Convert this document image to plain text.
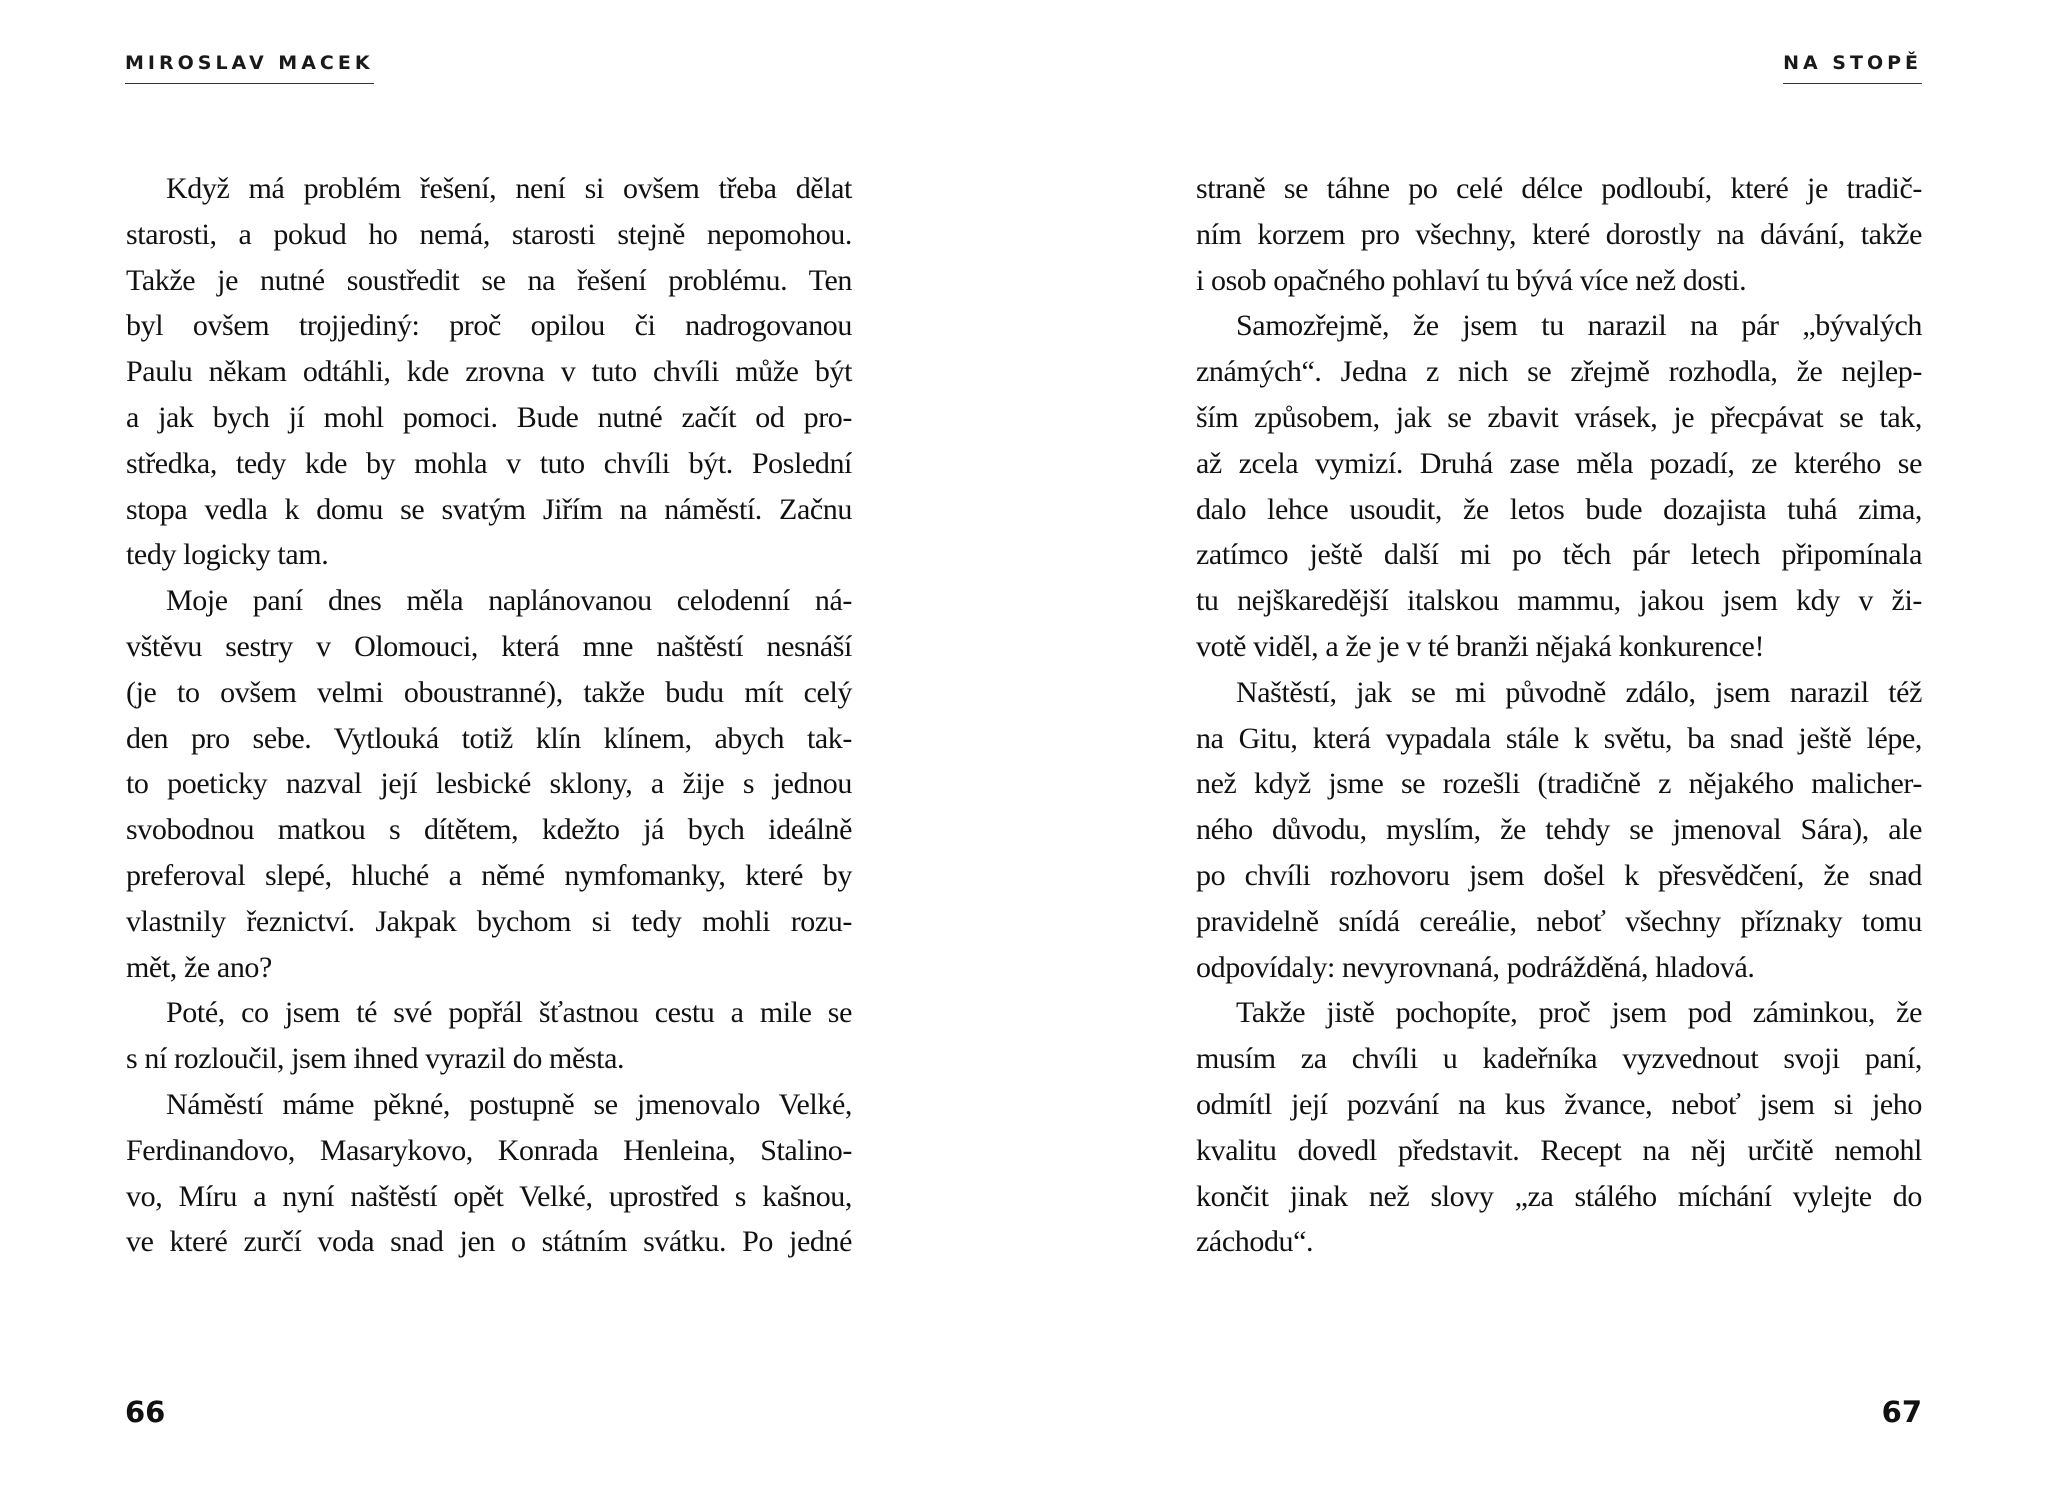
MIROSLAV MACEK	NA STOPĚ
Když má problém řešení, není si ovšem třeba dělat
starosti, a pokud ho nemá, starosti stejně nepomohou.
Takže je nutné soustředit se na řešení problému. Ten
byl ovšem trojjediný: proč opilou či nadrogovanou
Paulu někam odtáhli, kde zrovna v tuto chvíli může být
a jak bych jí mohl pomoci. Bude nutné začít od pro-
středka, tedy kde by mohla v tuto chvíli být. Poslední
stopa vedla k domu se svatým Jiřím na náměstí. Začnu
tedy logicky tam.
Moje paní dnes měla naplánovanou celodenní ná-
vštěvu sestry v Olomouci, která mne naštěstí nesnáší
(je to ovšem velmi oboustranné), takže budu mít celý
den pro sebe. Vytlouká totiž klín klínem, abych tak-
to poeticky nazval její lesbické sklony, a žije s jednou
svobodnou matkou s dítětem, kdežto já bych ideálně
preferoval slepé, hluché a němé nymfomanky, které by
vlastnily řeznictví. Jakpak bychom si tedy mohli rozu-
mět, že ano?
Poté, co jsem té své popřál šťastnou cestu a mile se
s ní rozloučil, jsem ihned vyrazil do města.
Náměstí máme pěkné, postupně se jmenovalo Velké,
Ferdinandovo, Masarykovo, Konrada Henleina, Stalino-
vo, Míru a nyní naštěstí opět Velké, uprostřed s kašnou,
ve které zurčí voda snad jen o státním svátku. Po jedné
straně se táhne po celé délce podloubí, které je tradič-
ním korzem pro všechny, které dorostly na dávání, takže
i osob opačného pohlaví tu bývá více než dosti.
Samozřejmě, že jsem tu narazil na pár „bývalých
známých“. Jedna z nich se zřejmě rozhodla, že nejlep-
ším způsobem, jak se zbavit vrásek, je přecpávat se tak,
až zcela vymizí. Druhá zase měla pozadí, ze kterého se
dalo lehce usoudit, že letos bude dozajista tuhá zima,
zatímco ještě další mi po těch pár letech připomínala
tu nejškaredější italskou mammu, jakou jsem kdy v ži-
votě viděl, a že je v té branži nějaká konkurence!
Naštěstí, jak se mi původně zdálo, jsem narazil též
na Gitu, která vypadala stále k světu, ba snad ještě lépe,
než když jsme se rozešli (tradičně z nějakého malicher-
ného důvodu, myslím, že tehdy se jmenoval Sára), ale
po chvíli rozhovoru jsem došel k přesvědčení, že snad
pravidelně snídá cereálie, neboť všechny příznaky tomu
odpovídaly: nevyrovnaná, podrážděná, hladová.
Takže jistě pochopíte, proč jsem pod záminkou, že
musím za chvíli u kadeřníka vyzvednout svoji paní,
odmítl její pozvání na kus žvance, neboť jsem si jeho
kvalitu dovedl představit. Recept na něj určitě nemohl
končit jinak než slovy „za stálého míchání vylejte do
záchodu“.
66	67
